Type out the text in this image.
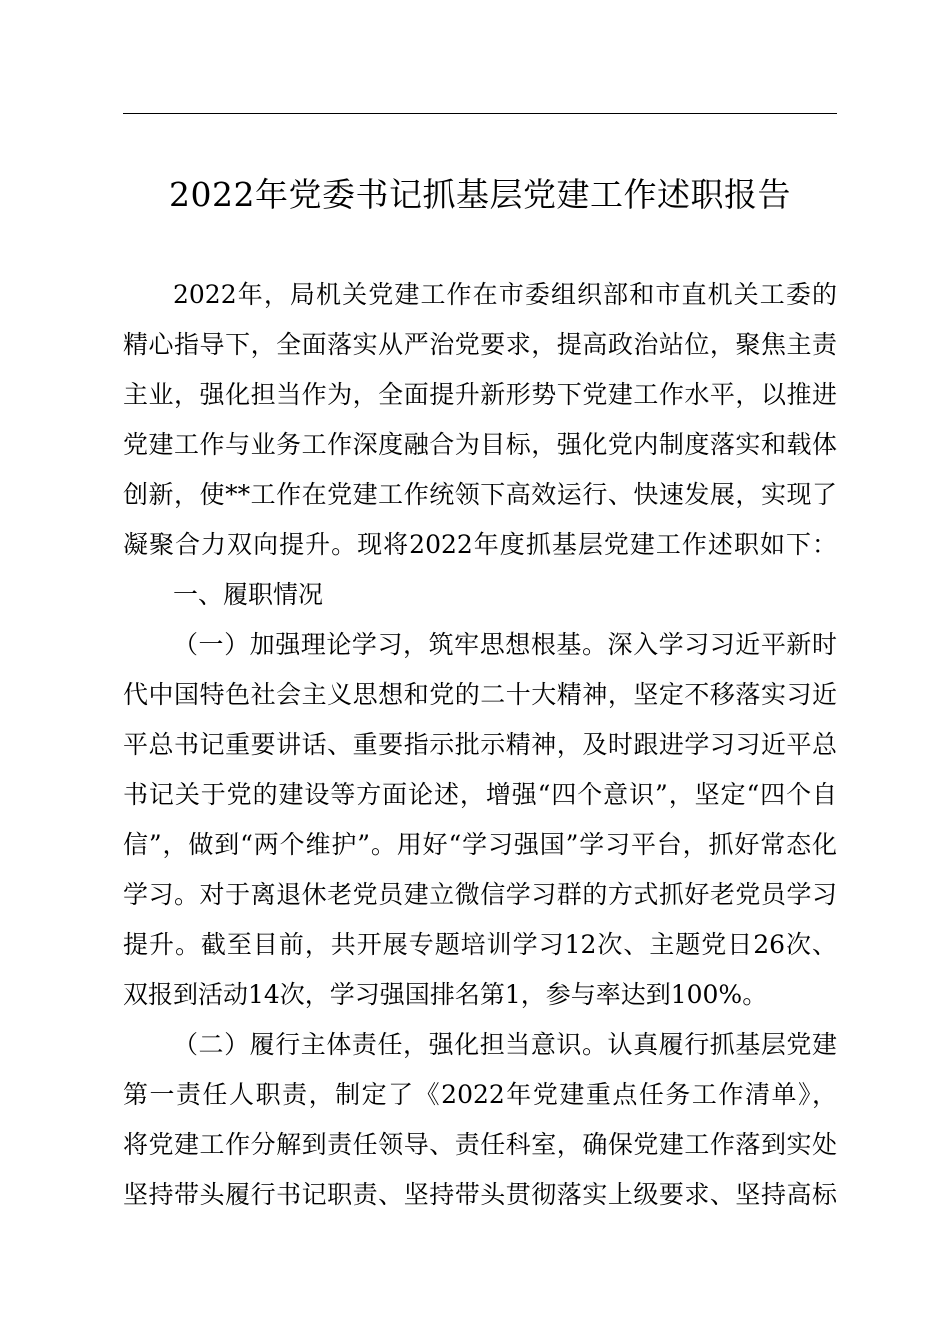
2022年党委书记抓基层党建工作述职报告
2022年，局机关党建工作在市委组织部和市直机关工委的
精心指导下，全面落实从严治党要求，提高政治站位，聚焦主责
主业，强化担当作为，全面提升新形势下党建工作水平，以推进
党建工作与业务工作深度融合为目标，强化党内制度落实和载体
创新，使**工作在党建工作统领下高效运行、快速发展，实现了
凝聚合力双向提升。现将2022年度抓基层党建工作述职如下：
一、履职情况
（一）加强理论学习，筑牢思想根基。深入学习习近平新时
代中国特色社会主义思想和党的二十大精神，坚定不移落实习近
平总书记重要讲话、重要指示批示精神，及时跟进学习习近平总
书记关于党的建设等方面论述，增强“四个意识”，坚定“四个自
信”，做到“两个维护”。用好“学习强国”学习平台，抓好常态化
学习。对于离退休老党员建立微信学习群的方式抓好老党员学习
提升。截至目前，共开展专题培训学习12次、主题党日26次、
双报到活动14次，学习强国排名第1，参与率达到100%。
（二）履行主体责任，强化担当意识。认真履行抓基层党建
第一责任人职责，制定了《2022年党建重点任务工作清单》，
将党建工作分解到责任领导、责任科室，确保党建工作落到实处
坚持带头履行书记职责、坚持带头贯彻落实上级要求、坚持高标
